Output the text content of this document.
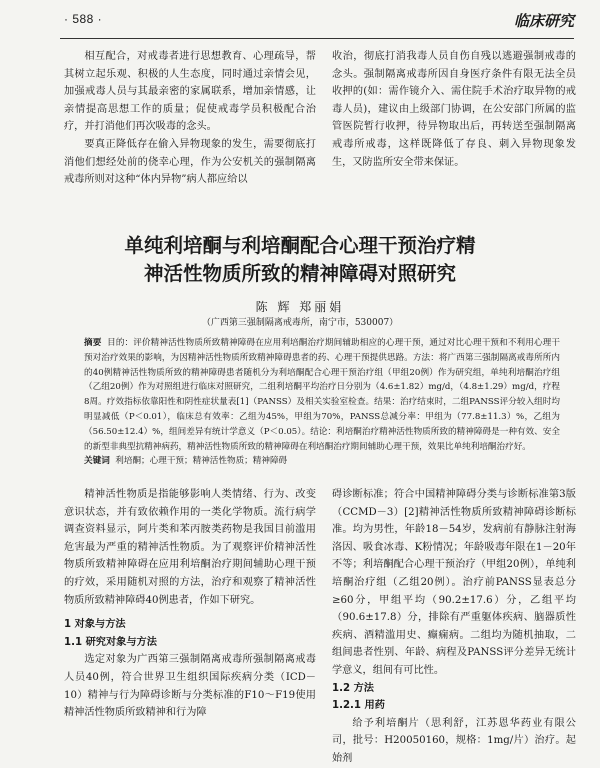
· 588 ·	临床研究

相互配合，对戒毒者进行思想教育、心理疏导，帮其树立起乐观、积极的人生态度，同时通过亲情会见，加强戒毒人员与其最亲密的家属联系，增加亲情感，让亲情提高思想工作的质量；促使戒毒学员积极配合治疗，并打消他们再次吸毒的念头。

要真正降低存在偷入异物现象的发生，需要彻底打消他们想经处前的侥幸心理，作为公安机关的强制隔离戒毒所则对这种“体内异物”病人都应给以

收治，彻底打消我毒人员自伤自残以逃避强制戒毒的念头。强制隔离戒毒所因自身医疗条件有限无法全员收押的(如：需作镜介入、需住院手术治疗取异物的戒毒人员)，建议由上级部门协调，在公安部门所属的监管医院暂行收押，待异物取出后，再转送至强制隔离戒毒所戒毒，这样既降低了存良、刺入异物现象发生，又防监所安全带来保证。

单纯利培酮与利培酮配合心理干预治疗精
神活性物质所致的精神障碍对照研究
陈 辉 郑丽娟
（广西第三强制隔离戒毒所，南宁市，530007）

摘要 目的：评价精神活性物质所致精神障碍在应用利培酮治疗期间辅助相应的心理干预，通过对比心理干预和不利用心理干预对治疗效果的影响，为因精神活性物质所致精神障碍患者的药、心理干预提供思路。方法：将广西第三强制隔离戒毒所所内的40例精神活性物质所致的精神障碍患者随机分为利培酮配合心理干预治疗组（甲组20例）作为研究组，单纯利培酮治疗组（乙组20例）作为对照组进行临床对照研究，二组利培酮平均治疗日分别为（4.6±1.82）mg/d，（4.8±1.29）mg/d，疗程8周。疗效指标依靠阳性和阴性症状量表[1]（PANSS）及相关实验室检查。结果：治疗结束时，二组PANSS评分较入组时均明显减低（P＜0.01），临床总有效率：乙组为45%，甲组为70%，PANSS总减分率：甲组为（77.8±11.3）%，乙组为（56.50±12.4）%，组间差异有统计学意义（P＜0.05）。结论：利培酮治疗精神活性物质所致的精神障碍是一种有效、安全的新型非典型抗精神病药，精神活性物质所致的精神障碍在利培酮治疗期间辅助心理干预，效果比单纯利培酮治疗好。

关键词 利培酮；心理干预；精神活性物质；精神障碍

精神活性物质是指能够影响人类情绪、行为、改变意识状态，并有致依赖作用的一类化学物质。流行病学调查资料显示，阿片类和苯丙胺类药物是我国目前滥用危害最为严重的精神活性物质。为了观察评价精神活性物质所致精神障碍在应用利培酮治疗期间辅助心理干预的疗效，采用随机对照的方法，治疗和观察了精神活性物质所致精神障碍40例患者，作如下研究。

1 对象与方法

1.1 研究对象与方法

选定对象为广西第三强制隔离戒毒所强制隔离戒毒人员40例，符合世界卫生组织国际疾病分类（ICD－10）精神与行为障碍诊断与分类标准的F10～F19使用精神活性物质所致精神和行为障

碍诊断标准；符合中国精神障碍分类与诊断标准第3版（CCMD－3）[2]精神活性物质所致精神障碍诊断标准。均为男性，年龄18－54岁，发病前有静脉注射海洛因、吸食冰毒、K粉情况；年龄吸毒年限在1－20年不等；利培酮配合心理干预治疗（甲组20例），单纯利培酮治疗组（乙组20例）。治疗前PANSS显表总分≥60分，甲组平均（90.2±17.6）分，乙组平均（90.6±17.8）分，排除有严重躯体疾病、脑器质性疾病、酒精滥用史、癫痫病。二组均为随机抽取，二组间患者性别、年龄、病程及PANSS评分差异无统计学意义，组间有可比性。

1.2 方法

1.2.1 用药

给予利培酮片（思利舒，江苏恩华药业有限公司，批号：H20050160，规格：1mg/片）治疗。起始剂
